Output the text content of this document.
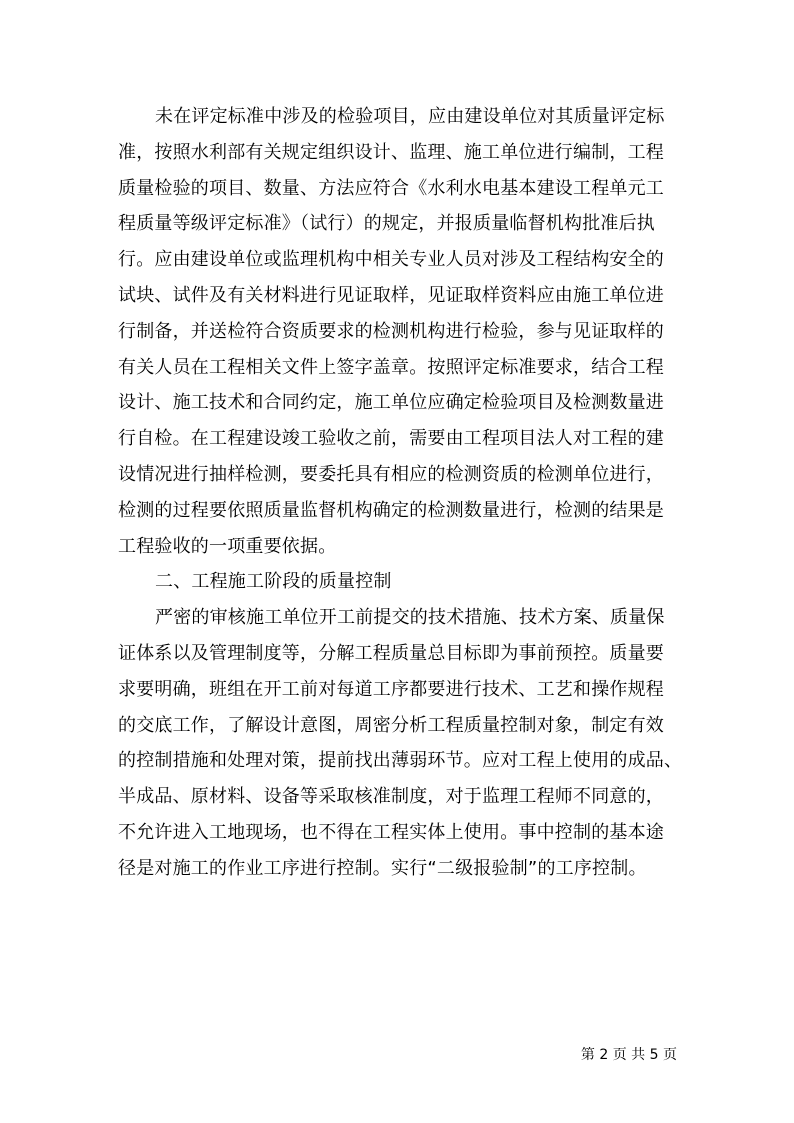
未在评定标准中涉及的检验项目，应由建设单位对其质量评定标
准，按照水利部有关规定组织设计、监理、施工单位进行编制，工程
质量检验的项目、数量、方法应符合《水利水电基本建设工程单元工
程质量等级评定标准》（试行）的规定，并报质量临督机构批准后执
行。应由建设单位或监理机构中相关专业人员对涉及工程结构安全的
试块、试件及有关材料进行见证取样，见证取样资料应由施工单位进
行制备，并送检符合资质要求的检测机构进行检验，参与见证取样的
有关人员在工程相关文件上签字盖章。按照评定标准要求，结合工程
设计、施工技术和合同约定，施工单位应确定检验项目及检测数量进
行自检。在工程建设竣工验收之前，需要由工程项目法人对工程的建
设情况进行抽样检测，要委托具有相应的检测资质的检测单位进行，
检测的过程要依照质量监督机构确定的检测数量进行，检测的结果是
工程验收的一项重要依据。
二、工程施工阶段的质量控制
严密的审核施工单位开工前提交的技术措施、技术方案、质量保
证体系以及管理制度等，分解工程质量总目标即为事前预控。质量要
求要明确，班组在开工前对每道工序都要进行技术、工艺和操作规程
的交底工作，了解设计意图，周密分析工程质量控制对象，制定有效
的控制措施和处理对策，提前找出薄弱环节。应对工程上使用的成品、
半成品、原材料、设备等采取核准制度，对于监理工程师不同意的，
不允许进入工地现场，也不得在工程实体上使用。事中控制的基本途
径是对施工的作业工序进行控制。实行“二级报验制”的工序控制。
第 2 页 共 5 页
